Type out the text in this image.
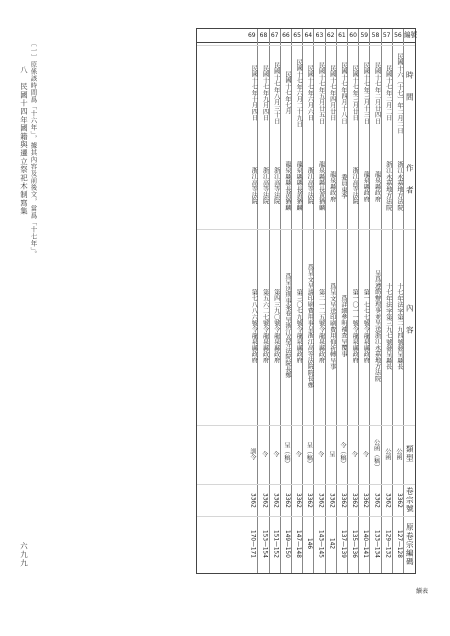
〔一〕原係該時間爲「十六年」，據其內容及前後文，當爲「十七年」。
八　民國十四年國籍與遷立祭祀木制寫集
六九九
續表
編號
時間
作者
內容
類型
卷宗號
原卷宗編碼
56
民國十六〔十七〕年二月二日
浙江永嘉地方法院
十七年法字第二九四號發呈縣長
公函
3362
127—128
57
民國十七年二月二日
浙江永嘉地方法院
十七年法字第三九七號發呈縣長
公函
3362
129—132
58
民國十七年二月廿四日
龍泉縣政府
呈爲遵飭辦理事並呈送浙江永嘉地方法院
公函（稿）
3362
133—134
59
民國十七年三月十三日
龍泉縣政府
第一七七七號令龍泉縣政府
令
3362
140—141
60
民國十七年三月廿日
浙江高等法院
第一〇一一號令龍泉縣政府
令
3362
135—136
61
民國十七年四月十八日
委員東季
爲詳細參明補查呈覆事
令（稿）
3362
137—139
62
民國十七年四月廿日
龍泉縣政府
爲呈文呈送印刷費用仰祈轉呈事
呈
3362
142
63
民國十七年五月廿五日
龍泉縣縣長黄猶麟
第二一二五號令龍泉縣政府
令
3362
143—145
64
民國十七年六月六日
浙江高等法院
爲呈文呈請印刷費用事呈浙江高等法院院長鄭
呈（稿）
3362
146
65
民國十七年六月二十九日
龍泉縣縣長黄猶麟
第三〇七九號令龍泉縣政府
令
3362
147—148
66
民國十七年七月
龍泉縣縣長黄猶麟
爲呈送刑事案卷呈浙江高等法院院長鄭
呈（稿）
3362
149—150
67
民國十七年八月三十日
浙江高等法院
第四三九〇號令龍泉縣政府
令
3362
151—152
68
民國十七年九月四日
浙江高等法院
第五六二七號令龍泉縣政府
令
3362
153—154
69
民國十七年十月四日
浙江高等法院
第七八八六號令龍泉縣政府
訓令
3362
170—171
